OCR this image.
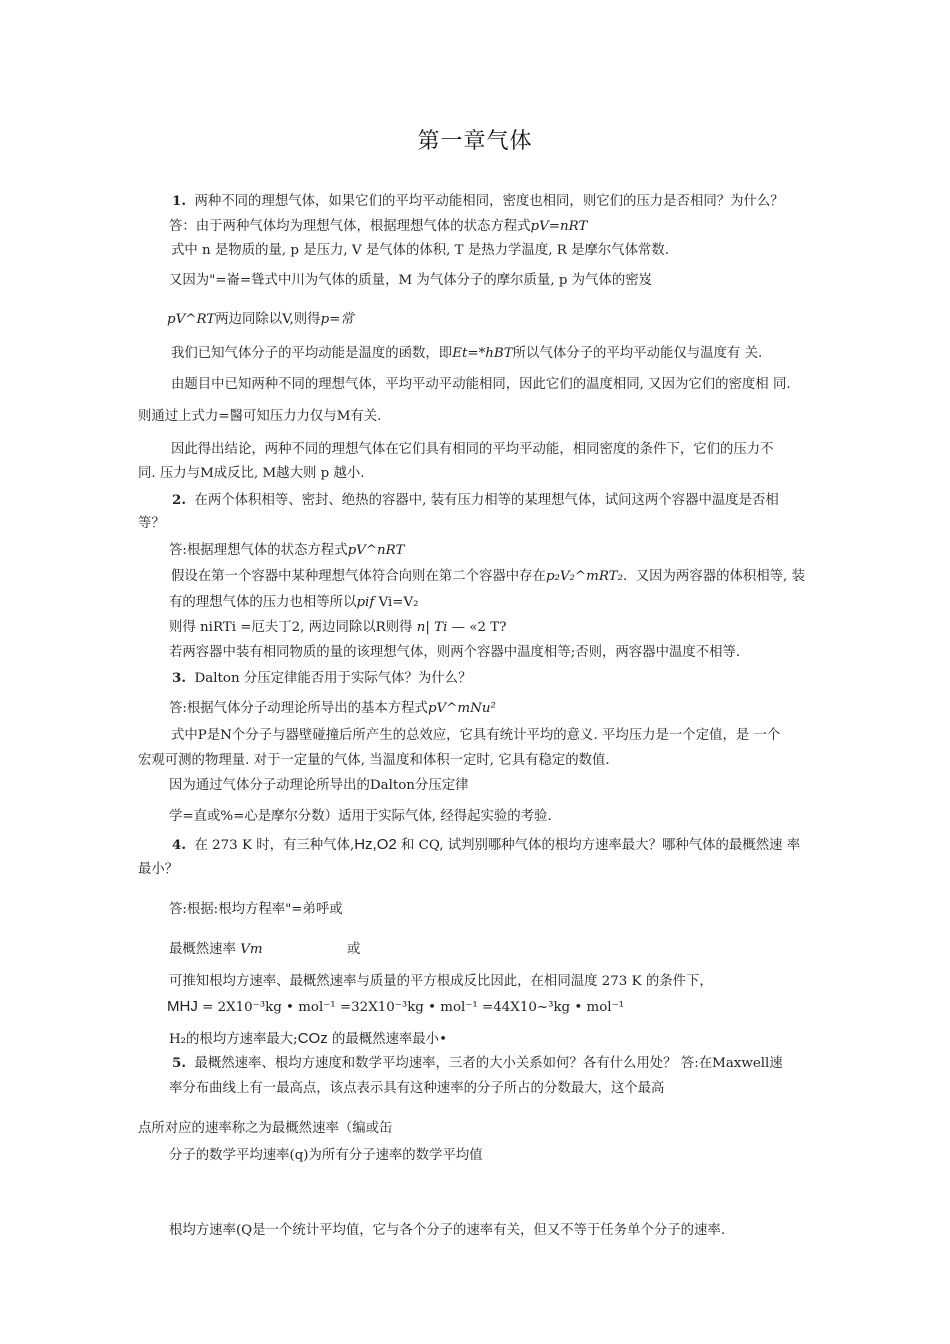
第一章气体
1. 两种不同的理想气体，如果它们的平均平动能相同，密度也相同，则它们的压力是否相同？为什么？
答：由于两种气体均为理想气体，根据理想气体的状态方程式pV=nRT
式中 n 是物质的量, p 是压力, V 是气体的体积, T 是热力学温度, R 是摩尔气体常数.
又因为"=崙=聳式中川为气体的质量，M 为气体分子的摩尔质量, p 为气体的密岌
pV^RT两边同除以V,则得p=常
我们已知气体分子的平均动能是温度的函数，即Et=*hBT所以气体分子的平均平动能仅与温度有 关.
由题目中已知两种不同的理想气体，平均平动平动能相同，因此它们的温度相同, 又因为它们的密度相 同.
则通过上式力=醫可知压力力仅与M有关.
因此得出结论，两种不同的理想气体在它们具有相同的平均平动能，相同密度的条件下，它们的压力不
同. 压力与M成反比, M越大则 p 越小.
2. 在两个体积相等、密封、绝热的容器中, 装有压力相等的某理想气体，试问这两个容器中温度是否相
等？
答:根据理想气体的状态方程式pV^nRT
假设在第一个容器中某种理想气体符合向则在第二个容器中存在p₂V₂^mRT₂. 又因为两容器的体积相等, 装
有的理想气体的压力也相等所以pif Vi=V₂
则得 niRTi =厄夫丁2, 两边同除以R则得 n| Ti — «2 T?
若两容器中装有相同物质的量的该理想气体，则两个容器中温度相等;否则，两容器中温度不相等.
3. Dalton 分压定律能否用于实际气体？为什么？
答:根据气体分子动理论所导出的基本方程式pV^mNu²
式中P是N个分子与器壁碰撞后所产生的总效应，它具有统计平均的意义. 平均压力是一个定值，是 一个
宏观可测的物理量. 对于一定量的气体, 当温度和体积一定时, 它具有稳定的数值.
因为通过气体分子动理论所导出的Dalton分压定律
学=直或%=心是摩尔分数）适用于实际气体, 经得起实验的考验.
4. 在 273 K 时，有三种气体,Hz,O2 和 CQ, 试判别哪种气体的根均方速率最大？哪种气体的最概然速 率
最小？
答:根据:根均方程率"=弟呼或
最概然速率 Vm	或
可推知根均方速率、最概然速率与质量的平方根成反比因此，在相同温度 273 K 的条件下，
MHJ = 2X10⁻³kg • mol⁻¹ =32X10⁻³kg • mol⁻¹ =44X10~³kg • mol⁻¹
H₂的根均方速率最大;COz 的最概然速率最小•
5. 最概然速率、根均方速度和数学平均速率，三者的大小关系如何？各有什么用处？ 答:在Maxwell速
率分布曲线上有一最高点，该点表示具有这种速率的分子所占的分数最大，这个最高
点所对应的速率称之为最概然速率（编或缶
分子的数学平均速率(q)为所有分子速率的数学平均值
根均方速率(Q是一个统计平均值，它与各个分子的速率有关，但又不等于任务单个分子的速率.
